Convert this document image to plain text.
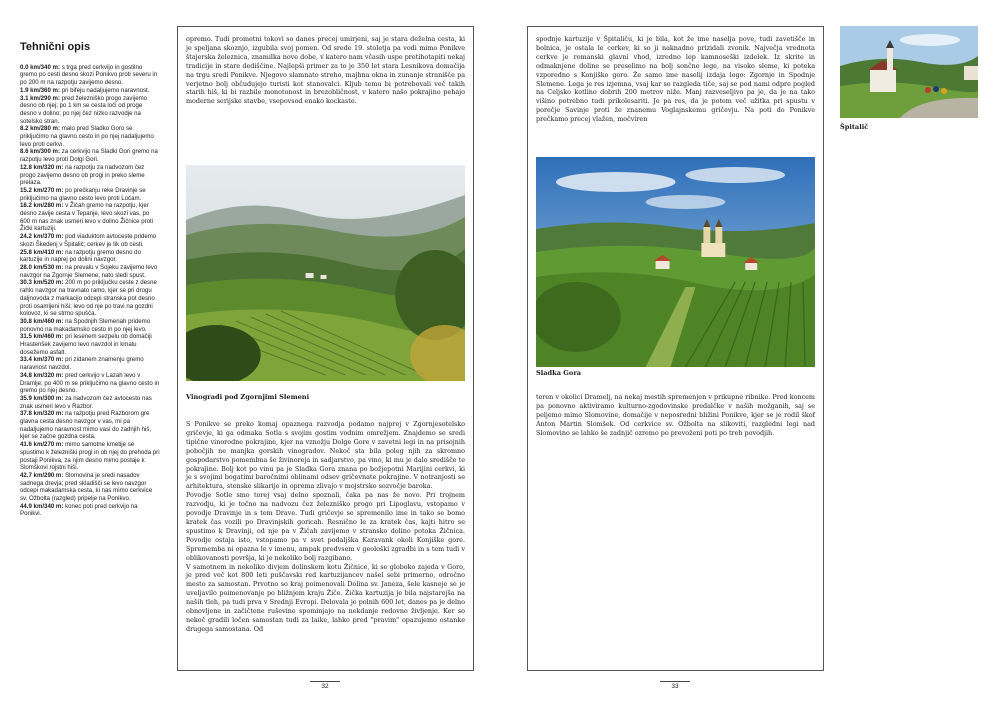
Tehnični opis
0.0 km/340 m: s trga pred cerkvijo in gostilno gremo po cesti desno skozi Ponikvo proti severu in po 200 m na razpotju zavijemo desno.
1.9 km/360 m: pri bifeju nadaljujemo naravnost.
3.1 km/290 m: pred železniško progo zavijemo desno ob njej; po 1 km se cesta loči od proge desno v dolino; po njej čez nizko razvodje na sotelsko stran.
8.2 km/280 m: malo pred Sladko Goro se priključimo na glavno cesto in po njej nadaljujemo levo proti cerkvi.
8.6 km/300 m: za cerkvijo na Sladki Gori gremo na razpotju levo proti Dolgi Gori.
12.8 km/320 m: na razpotju za nadvozom čez progo zavijemo desno ob progi in preko sleme prelaza.
15.2 km/270 m: po prečkanju reke Dravinje se priključimo na glavno cesto levo proti Ločam.
18.2 km/280 m: v Žičah gremo na razpotju, kjer desno zavije cesta v Tepanje, levo skozi vas, po 600 m nas znak usmeri levo v dolino Žičnice proti Žički kartuziji.
24.2 km/370 m: pod viaduktom avtoceste pridemo skozi Škedenj v Špitalič; cerkev je tik ob cesti.
25.8 km/410 m: na razpotju gremo desno do kartuzije in naprej po dolini navzgor.
28.0 km/530 m: na prevalu v Sojeku zavijemo levo navzgor na Zgornje Slemene, nato sledi spust.
30.3 km/520 m: 200 m po priključku ceste z desne rahlo navzgor na travnato ramo, kjer se pri drogu daljnovoda z markacijo odcepi stranska pot desno proti osamljeni hiši; levo od nje po travi na gozdni kolovoz, ki se strmo spušča.
30.8 km/460 m: na Spodnjih Slemenah pridemo ponovno na makadamsko cesto in po njej levo.
31.5 km/460 m: pri lesenem sezpelu ob domačiji Hrastenšek zavijemo levo navzdol in kmalu dosežemo asfalt.
33.4 km/370 m: pri zidanem znamenju gremo naravnost navzdol.
34.8 km/320 m: pred cerkvijo v Lazah levo v Dramlje; po 400 m se priključimo na glavno cesto in gremo po njej desno.
35.9 km/300 m: za nadvozom čez avtocesto nas znak usmeri levo v Razbor.
37.8 km/320 m: na razpotju pred Razborom gre glavna cesta desno navzgor v vas, mi pa nadaljujemo naravnost mimo vasi do zadnjih hiš, kjer se začne gozdna cesta.
41.6 km/270 m: mimo samotne kmetije se spustimo k železniški progi in ob njej do prehoda pri postaji Ponikva, za njim desno mimo postaje k Slomškovi rojstni hiši.
42.7 km/290 m: Slomovina je sredi nasadov sadnega drevja; pred skladišči se levo navzgor odcepi makadamska cesta, ki nas mimo cerkvice sv. Ožbolta (razgled) pripelje na Ponikvo.
44.9 km/340 m: konec poti pred cerkvijo na Ponikvi.

opremo. Tudi prometni tokovi so danes precej umirjeni, saj je stara deželna cesta, ki je speljana skoznjo, izgubila svoj pomen. Od srede 19. stoletja pa vodi mimo Ponikve štajerska železnica, znamilka nove dobe, v katero nam včasih uspe pretihotapiti nekaj tradicije in stare dediščine. Najlepši primer za to je 350 let stara Lesnikova domačija na trgu sredi Ponikve. Njegovo slamnato streho, majhna okna in zunanje stranišče pa verjetno bolj občudujejo turisti kot stanovalci. Kljub temu bi potrebovali več takih starih hiš, ki bi razbile monotonost in brezobličnost, v katero našo pokrajino pehajo moderne serijske stavbe, vsepovsod enako kockaste.

Vinogradi pod Zgornjimi Slemeni

S Ponikve se preko komaj opaznega razvodja podamo najprej v Zgornjesotelsko gričevje, ki ga odmaka Sotla s svojim gostim vodnim omrežjem. Znajdemo se sredi tipične vinorodne pokrajine, kjer na vznožju Dolge Gore v zavetni legi in na prisojnih pobočjih ne manjka gorskih vinogradov. Nekoč sta bila poleg njih za skromno gospodarstvo pomembna še živinoreja in sadjarstvo, pa vino, ki mu je dalo središče te pokrajine. Bolj kot po vinu pa je Sladka Gora znana po božjepotni Marijini cerkvi, ki je s svojimi bogatimi baročnimi oblinami odsev gričevnate pokrajine. V notranjosti se arhitektura, stenske slikarije in oprema zlivajo v mojstrsko sozvočje baroka.

Povodje Sotle smo torej vsaj delno spoznali, čaka pa nas že novo. Pri trojnem razvodju, ki je točno na nadvozu čez železniško progo pri Lipoglavu, vstopamo v povodje Dravinje in s tem Drave. Tudi gričevje se spremenilo ime in tako se bomo kratek čas vozili po Dravinjskih goricah. Resnično le za kratek čas, kajti hitro se spustimo k Dravinji, od nje pa v Žičah zavijemo v stransko dolino potoka Žičnica. Povodje ostaja isto, vstopamo pa v svet podaljška Karavank okoli Konjiške gore. Sprememba ni opazna le v imenu, ampak predvsem v geološki zgradbi in s tem tudi v oblikovanosti površja, ki je nekoliko bolj razgibano.

V samotnem in nekoliko divjem dolinskem kotu Žičnice, ki se globoko zajeda v Goro, je pred več kot 800 leti puščavski red kartuzijancev našel sebi primerno, odročno mesto za samostan. Prvotno so kraj poimenovali Dolina sv. Janeza, šele kasneje se je uveljavilo poimenovanje po bližnjem kraju Žiče. Žička kartuzija je bila najstarejša na naših tleh, pa tudi prva v Srednji Evropi. Delovala je polnih 600 let, danes pa je delno obnovljene in začičtene ruševine spominjajo na nekdanje redovno življenje. Ker so nekoč gradili ločen samostan tudi za laike, lahko pred "pravim" opazujemo ostanke drugega samostana. Od

32

spodnje kartuzije v Špitaliču, ki je bila, kot že ime naselja pove, tudi zavetišče in bolnica, je ostala le cerkev, ki so ji naknadno prizidali zvonik. Največja vrednota cerkve je romanski glavni vhod, izredno lep kamnoseški izdelek. Iz skrite in odmaknjene doline se preselimo na bolj sončne lege, na visoko sleme, ki poteka vzporedno s Konjiško goro. Že samo ime naselij izdaja lego: Zgornje in Spodnje Slemene. Lega je res izjemna, vsaj kar se razgleda tiče, saj se pod nami odpre pogled na Celjsko kotlino dobrih 200 metrov niže. Manj razveseljivo pa je, da je na tako višino potrebno tudi prikolesariti. Je pa res, da je potem več užitka pri spustu v porečje Savinje proti že znanemu Voglajnskemu gričevju. Na poti do Ponikve prečkamo precej vlažen, močviren

Sladka Gora

teren v okolici Dramelj, na nekaj mestih spremenjen v prikupne ribnike. Pred koncem pa ponovno aktiviramo kulturno-zgodovinske predalčke v naših možganih, saj se peljemo mimo Slomovine, domačije v neposredni bližini Ponikve, kjer se je rodil škof Anton Martin Slomšek. Od cerkvice sv. Ožbolta na slikoviti, razgledni legi nad Slomovino se lahko še zadnjič ozremo po prevoženi poti po treh povodjih.

33
Špitalič
